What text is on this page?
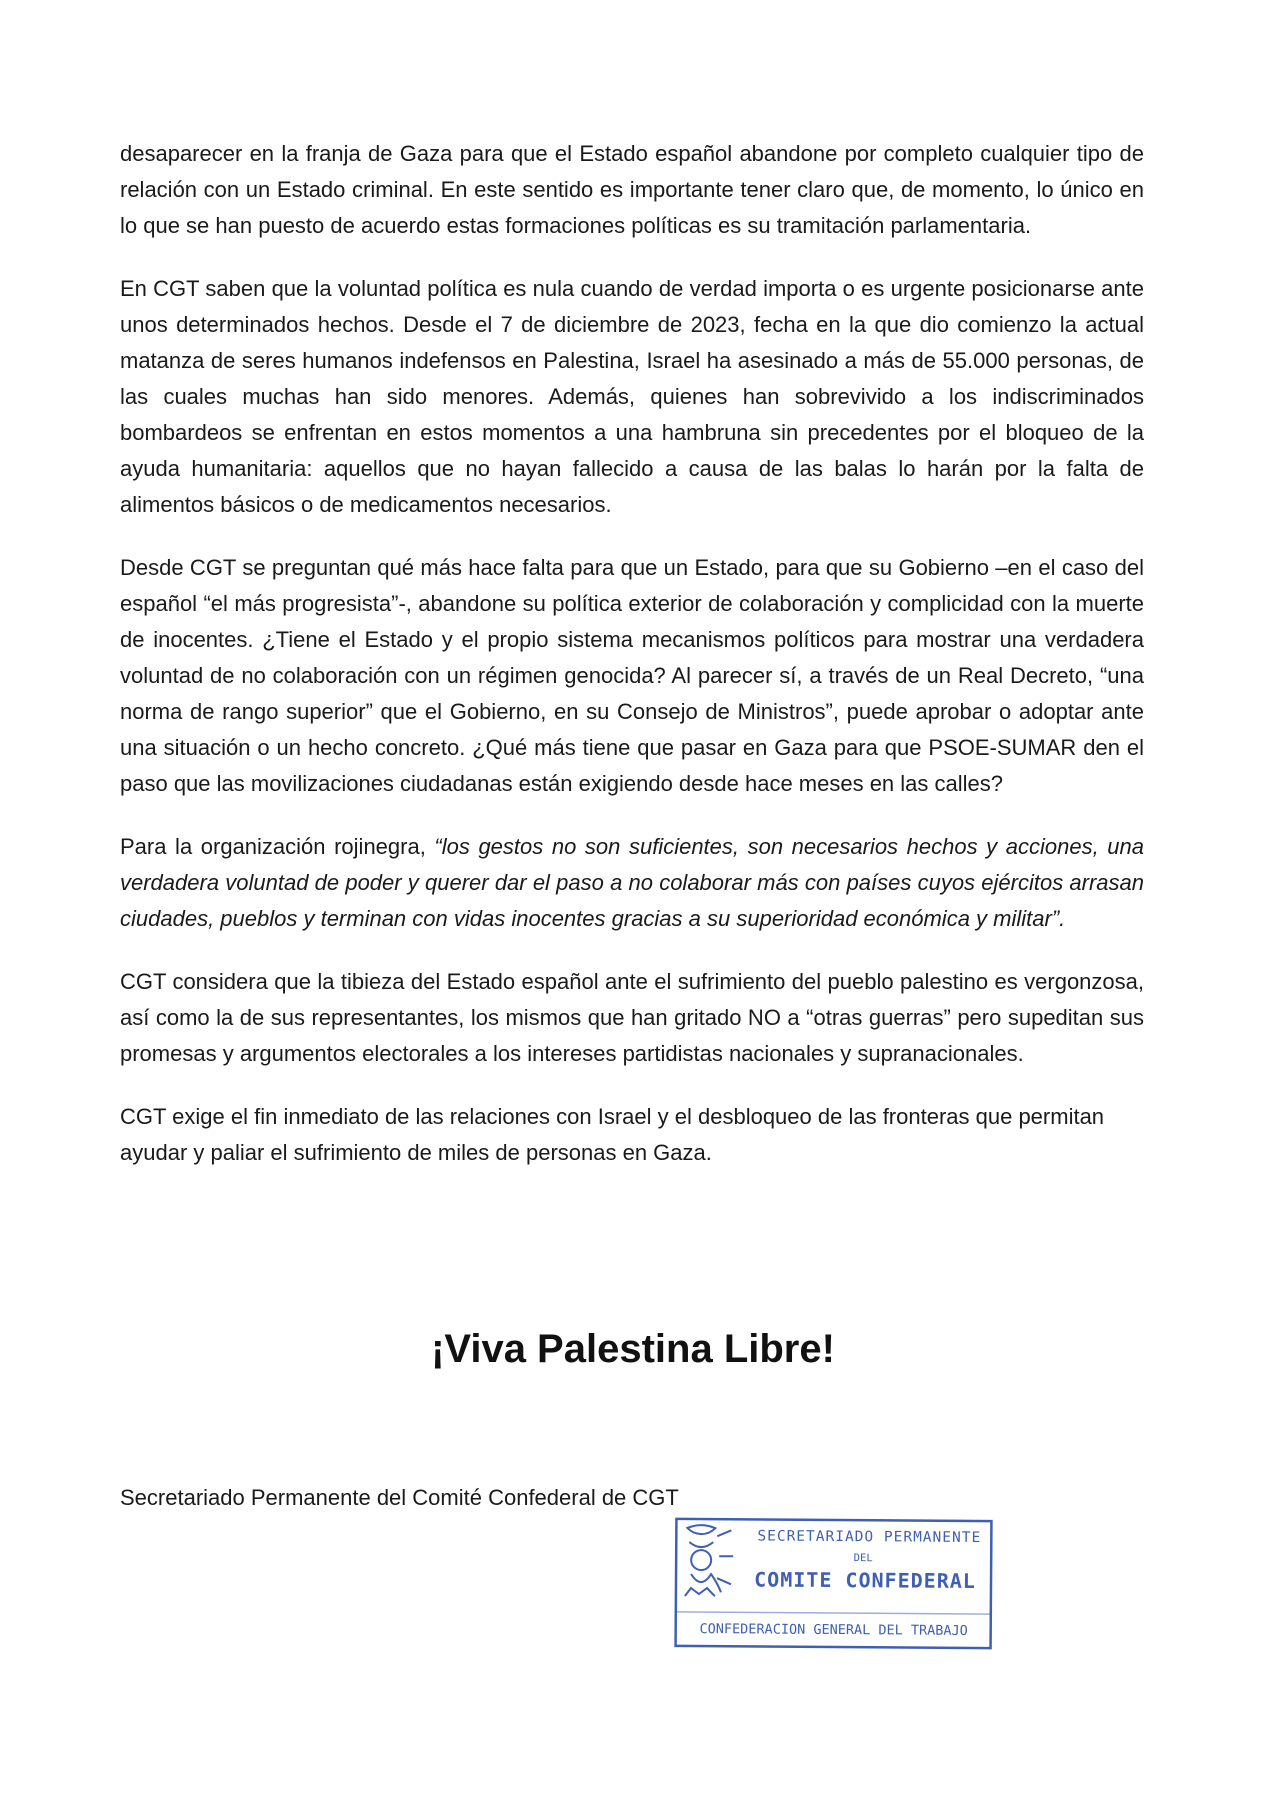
desaparecer en la franja de Gaza para que el Estado español abandone por completo cualquier tipo de relación con un Estado criminal. En este sentido es importante tener claro que, de momento, lo único en lo que se han puesto de acuerdo estas formaciones políticas es su tramitación parlamentaria.

En CGT saben que la voluntad política es nula cuando de verdad importa o es urgente posicionarse ante unos determinados hechos. Desde el 7 de diciembre de 2023, fecha en la que dio comienzo la actual matanza de seres humanos indefensos en Palestina, Israel ha asesinado a más de 55.000 personas, de las cuales muchas han sido menores. Además, quienes han sobrevivido a los indiscriminados bombardeos se enfrentan en estos momentos a una hambruna sin precedentes por el bloqueo de la ayuda humanitaria: aquellos que no hayan fallecido a causa de las balas lo harán por la falta de alimentos básicos o de medicamentos necesarios.

Desde CGT se preguntan qué más hace falta para que un Estado, para que su Gobierno –en el caso del español “el más progresista”-, abandone su política exterior de colaboración y complicidad con la muerte de inocentes. ¿Tiene el Estado y el propio sistema mecanismos políticos para mostrar una verdadera voluntad de no colaboración con un régimen genocida? Al parecer sí, a través de un Real Decreto, “una norma de rango superior” que el Gobierno, en su Consejo de Ministros”, puede aprobar o adoptar ante una situación o un hecho concreto. ¿Qué más tiene que pasar en Gaza para que PSOE-SUMAR den el paso que las movilizaciones ciudadanas están exigiendo desde hace meses en las calles?

Para la organización rojinegra, “los gestos no son suficientes, son necesarios hechos y acciones, una verdadera voluntad de poder y querer dar el paso a no colaborar más con países cuyos ejércitos arrasan ciudades, pueblos y terminan con vidas inocentes gracias a su superioridad económica y militar”.

CGT considera que la tibieza del Estado español ante el sufrimiento del pueblo palestino es vergonzosa, así como la de sus representantes, los mismos que han gritado NO a “otras guerras” pero supeditan sus promesas y argumentos electorales a los intereses partidistas nacionales y supranacionales.

CGT exige el fin inmediato de las relaciones con Israel y el desbloqueo de las fronteras que permitan ayudar y paliar el sufrimiento de miles de personas en Gaza.

¡Viva Palestina Libre!
Secretariado Permanente del Comité Confederal de CGT
SECRETARIADO PERMANENTE
DEL
COMITE CONFEDERAL
CONFEDERACION GENERAL DEL TRABAJO
